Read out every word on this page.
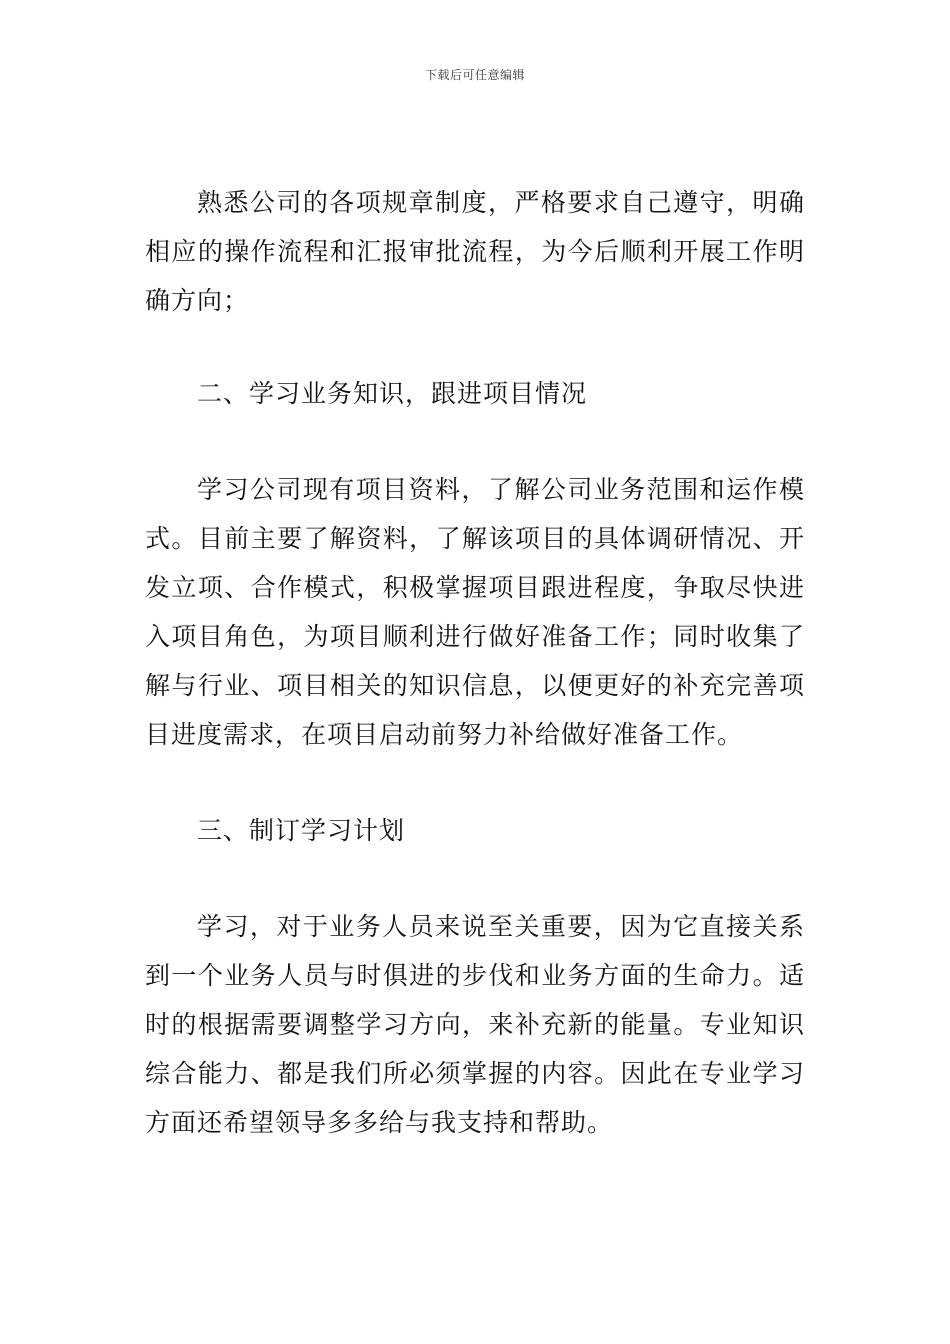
下载后可任意编辑

熟悉公司的各项规章制度，严格要求自己遵守，明确相应的操作流程和汇报审批流程，为今后顺利开展工作明确方向；

二、学习业务知识，跟进项目情况

学习公司现有项目资料，了解公司业务范围和运作模式。目前主要了解资料，了解该项目的具体调研情况、开发立项、合作模式，积极掌握项目跟进程度，争取尽快进入项目角色，为项目顺利进行做好准备工作；同时收集了解与行业、项目相关的知识信息，以便更好的补充完善项目进度需求，在项目启动前努力补给做好准备工作。

三、制订学习计划

学习，对于业务人员来说至关重要，因为它直接关系到一个业务人员与时俱进的步伐和业务方面的生命力。适时的根据需要调整学习方向，来补充新的能量。专业知识综合能力、都是我们所必须掌握的内容。因此在专业学习方面还希望领导多多给与我支持和帮助。
